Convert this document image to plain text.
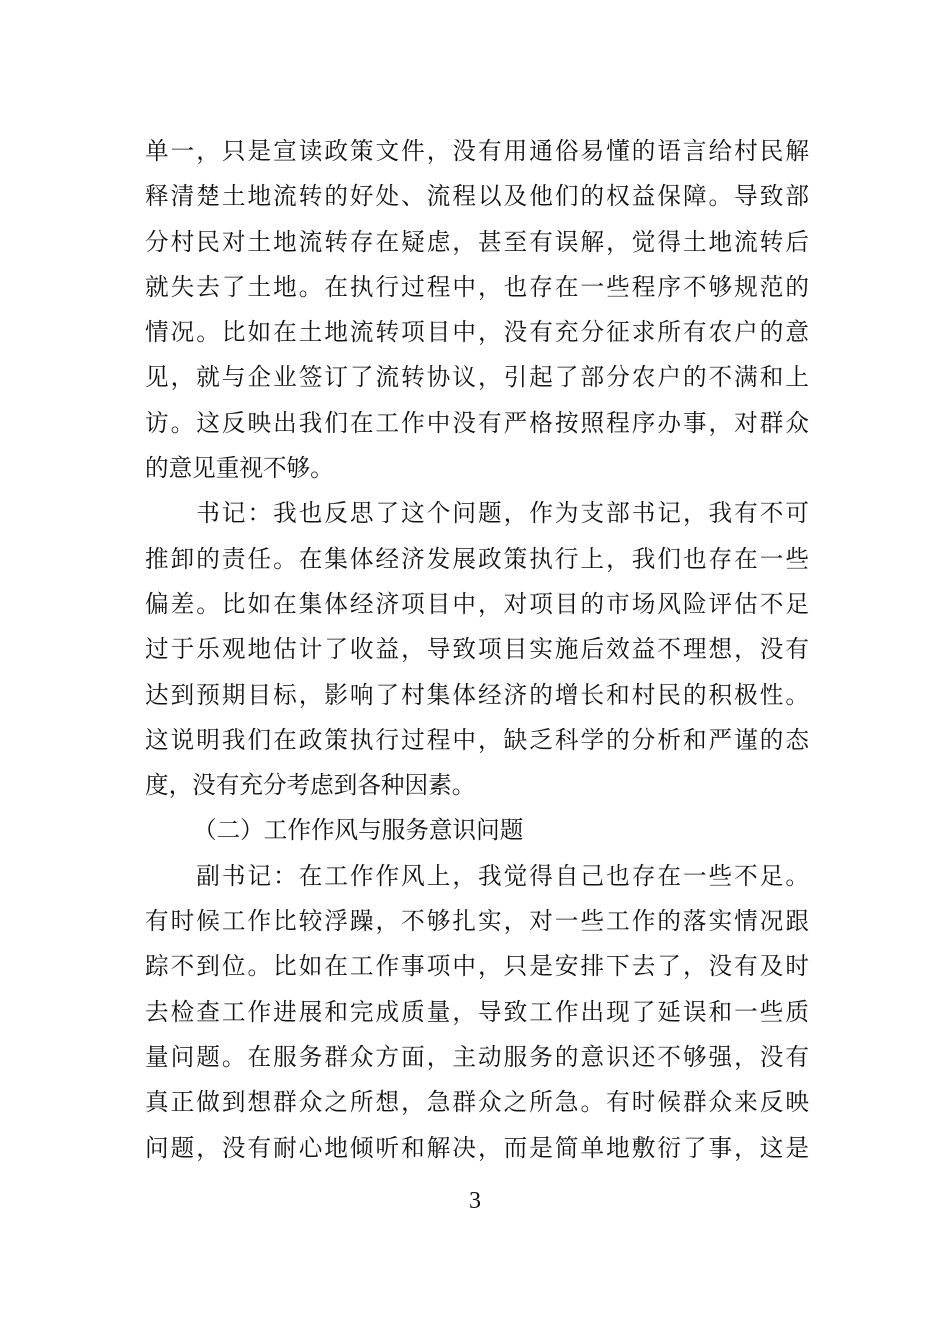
单一，只是宣读政策文件，没有用通俗易懂的语言给村民解
释清楚土地流转的好处、流程以及他们的权益保障。导致部
分村民对土地流转存在疑虑，甚至有误解，觉得土地流转后
就失去了土地。在执行过程中，也存在一些程序不够规范的
情况。比如在土地流转项目中，没有充分征求所有农户的意
见，就与企业签订了流转协议，引起了部分农户的不满和上
访。这反映出我们在工作中没有严格按照程序办事，对群众
的意见重视不够。
　　书记：我也反思了这个问题，作为支部书记，我有不可
推卸的责任。在集体经济发展政策执行上，我们也存在一些
偏差。比如在集体经济项目中，对项目的市场风险评估不足
过于乐观地估计了收益，导致项目实施后效益不理想，没有
达到预期目标，影响了村集体经济的增长和村民的积极性。
这说明我们在政策执行过程中，缺乏科学的分析和严谨的态
度，没有充分考虑到各种因素。
（二）工作作风与服务意识问题
　　副书记：在工作作风上，我觉得自己也存在一些不足。
有时候工作比较浮躁，不够扎实，对一些工作的落实情况跟
踪不到位。比如在工作事项中，只是安排下去了，没有及时
去检查工作进展和完成质量，导致工作出现了延误和一些质
量问题。在服务群众方面，主动服务的意识还不够强，没有
真正做到想群众之所想，急群众之所急。有时候群众来反映
问题，没有耐心地倾听和解决，而是简单地敷衍了事，这是
3
